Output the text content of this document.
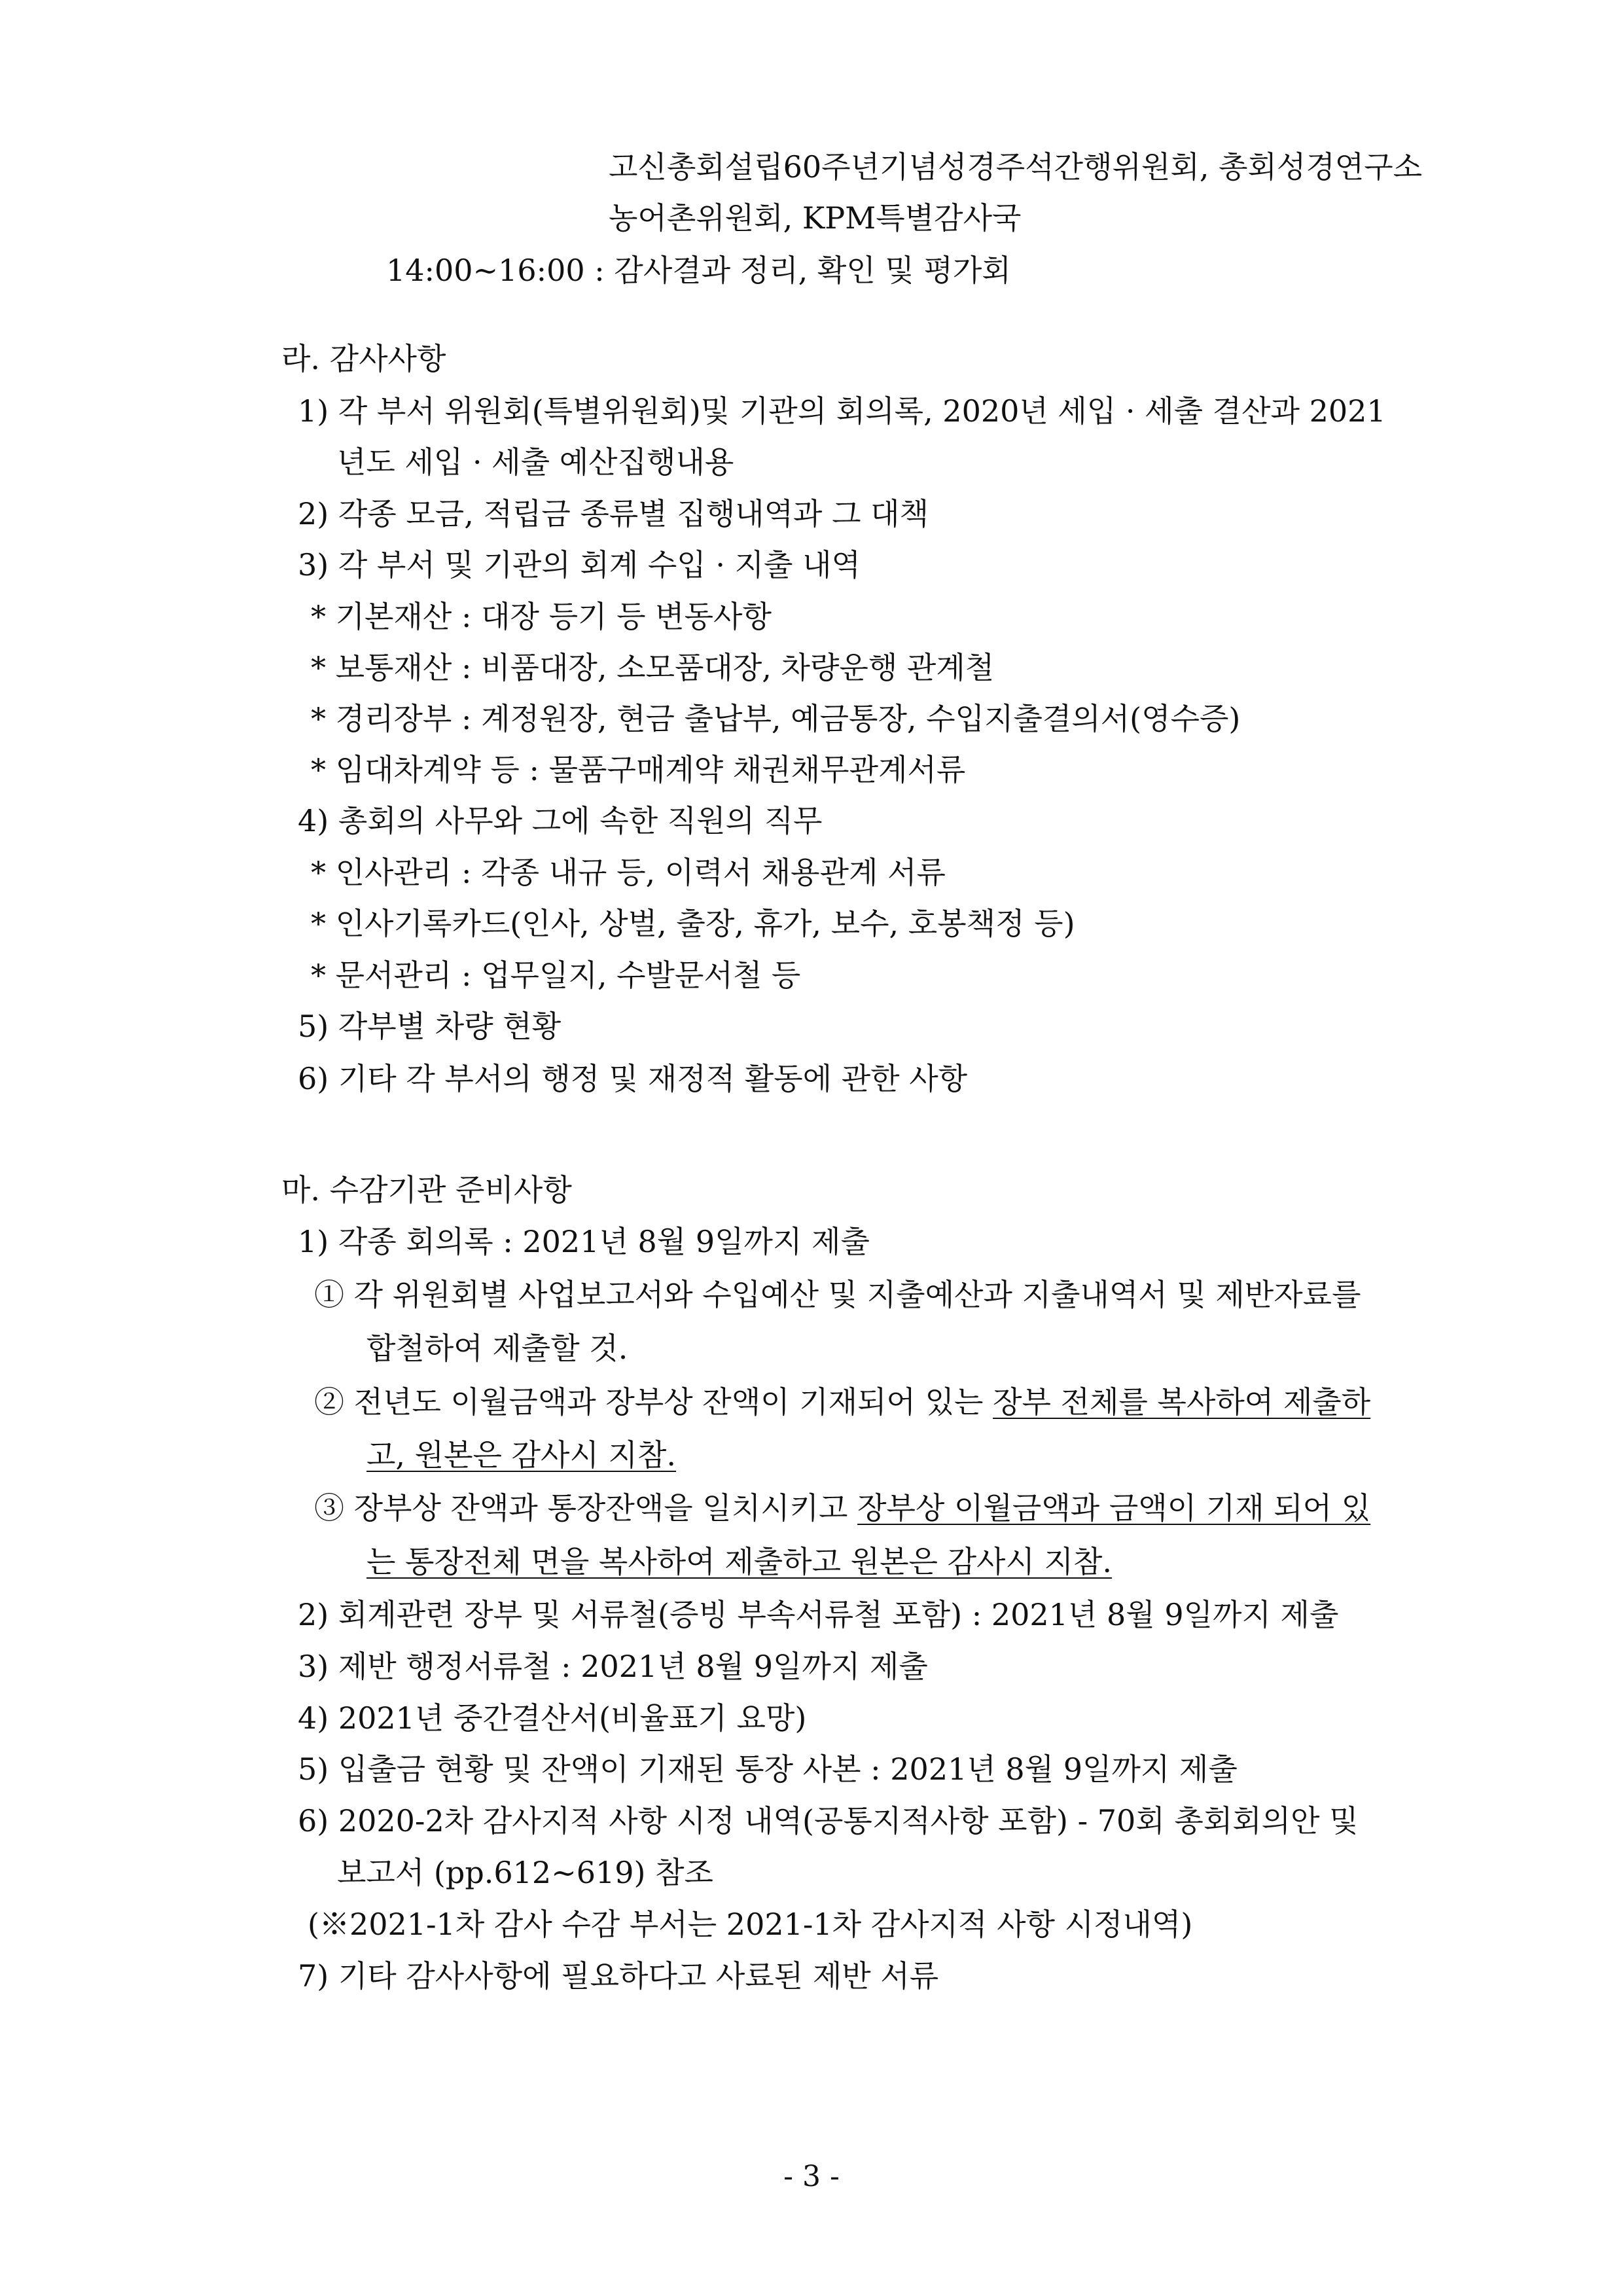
고신총회설립60주년기념성경주석간행위원회, 총회성경연구소
농어촌위원회, KPM특별감사국
14:00~16:00 : 감사결과 정리, 확인 및 평가회
라. 감사사항
1) 각 부서 위원회(특별위원회)및 기관의 회의록, 2020년 세입 · 세출 결산과 2021
년도 세입 · 세출 예산집행내용
2) 각종 모금, 적립금 종류별 집행내역과 그 대책
3) 각 부서 및 기관의 회계 수입 · 지출 내역
* 기본재산 : 대장 등기 등 변동사항
* 보통재산 : 비품대장, 소모품대장, 차량운행 관계철
* 경리장부 : 계정원장, 현금 출납부, 예금통장, 수입지출결의서(영수증)
* 임대차계약 등 : 물품구매계약 채권채무관계서류
4) 총회의 사무와 그에 속한 직원의 직무
* 인사관리 : 각종 내규 등, 이력서 채용관계 서류
* 인사기록카드(인사, 상벌, 출장, 휴가, 보수, 호봉책정 등)
* 문서관리 : 업무일지, 수발문서철 등
5) 각부별 차량 현황
6) 기타 각 부서의 행정 및 재정적 활동에 관한 사항
마. 수감기관 준비사항
1) 각종 회의록 : 2021년 8월 9일까지 제출
① 각 위원회별 사업보고서와 수입예산 및 지출예산과 지출내역서 및 제반자료를
합철하여 제출할 것.
② 전년도 이월금액과 장부상 잔액이 기재되어 있는 장부 전체를 복사하여 제출하
고, 원본은 감사시 지참.
③ 장부상 잔액과 통장잔액을 일치시키고 장부상 이월금액과 금액이 기재 되어 있
는 통장전체 면을 복사하여 제출하고 원본은 감사시 지참.
2) 회계관련 장부 및 서류철(증빙 부속서류철 포함) : 2021년 8월 9일까지 제출
3) 제반 행정서류철 : 2021년 8월 9일까지 제출
4) 2021년 중간결산서(비율표기 요망)
5) 입출금 현황 및 잔액이 기재된 통장 사본 : 2021년 8월 9일까지 제출
6) 2020-2차 감사지적 사항 시정 내역(공통지적사항 포함) - 70회 총회회의안 및
보고서 (pp.612~619) 참조
(※2021-1차 감사 수감 부서는 2021-1차 감사지적 사항 시정내역)
7) 기타 감사사항에 필요하다고 사료된 제반 서류
- 3 -
